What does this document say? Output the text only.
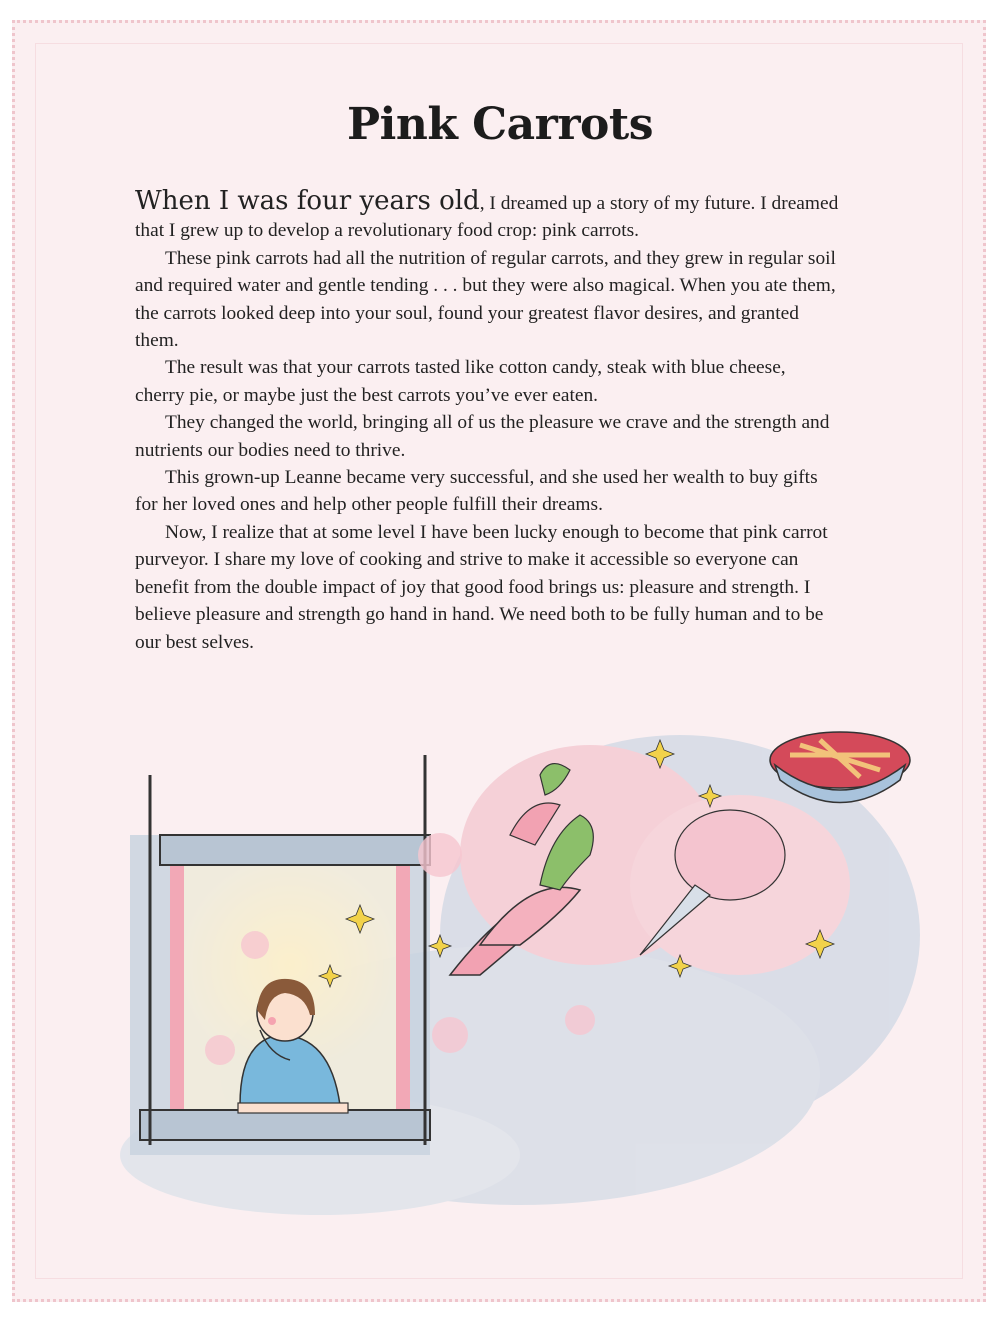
Pink Carrots

When I was four years old, I dreamed up a story of my future. I dreamed that I grew up to develop a revolutionary food crop: pink carrots.

These pink carrots had all the nutrition of regular carrots, and they grew in regular soil and required water and gentle tending . . . but they were also magical. When you ate them, the carrots looked deep into your soul, found your greatest flavor desires, and granted them.

The result was that your carrots tasted like cotton candy, steak with blue cheese, cherry pie, or maybe just the best carrots you’ve ever eaten.

They changed the world, bringing all of us the pleasure we crave and the strength and nutrients our bodies need to thrive.

This grown-up Leanne became very successful, and she used her wealth to buy gifts for her loved ones and help other people fulfill their dreams.

Now, I realize that at some level I have been lucky enough to become that pink carrot purveyor. I share my love of cooking and strive to make it accessible so everyone can benefit from the double impact of joy that good food brings us: pleasure and strength. I believe pleasure and strength go hand in hand. We need both to be fully human and to be our best selves.
